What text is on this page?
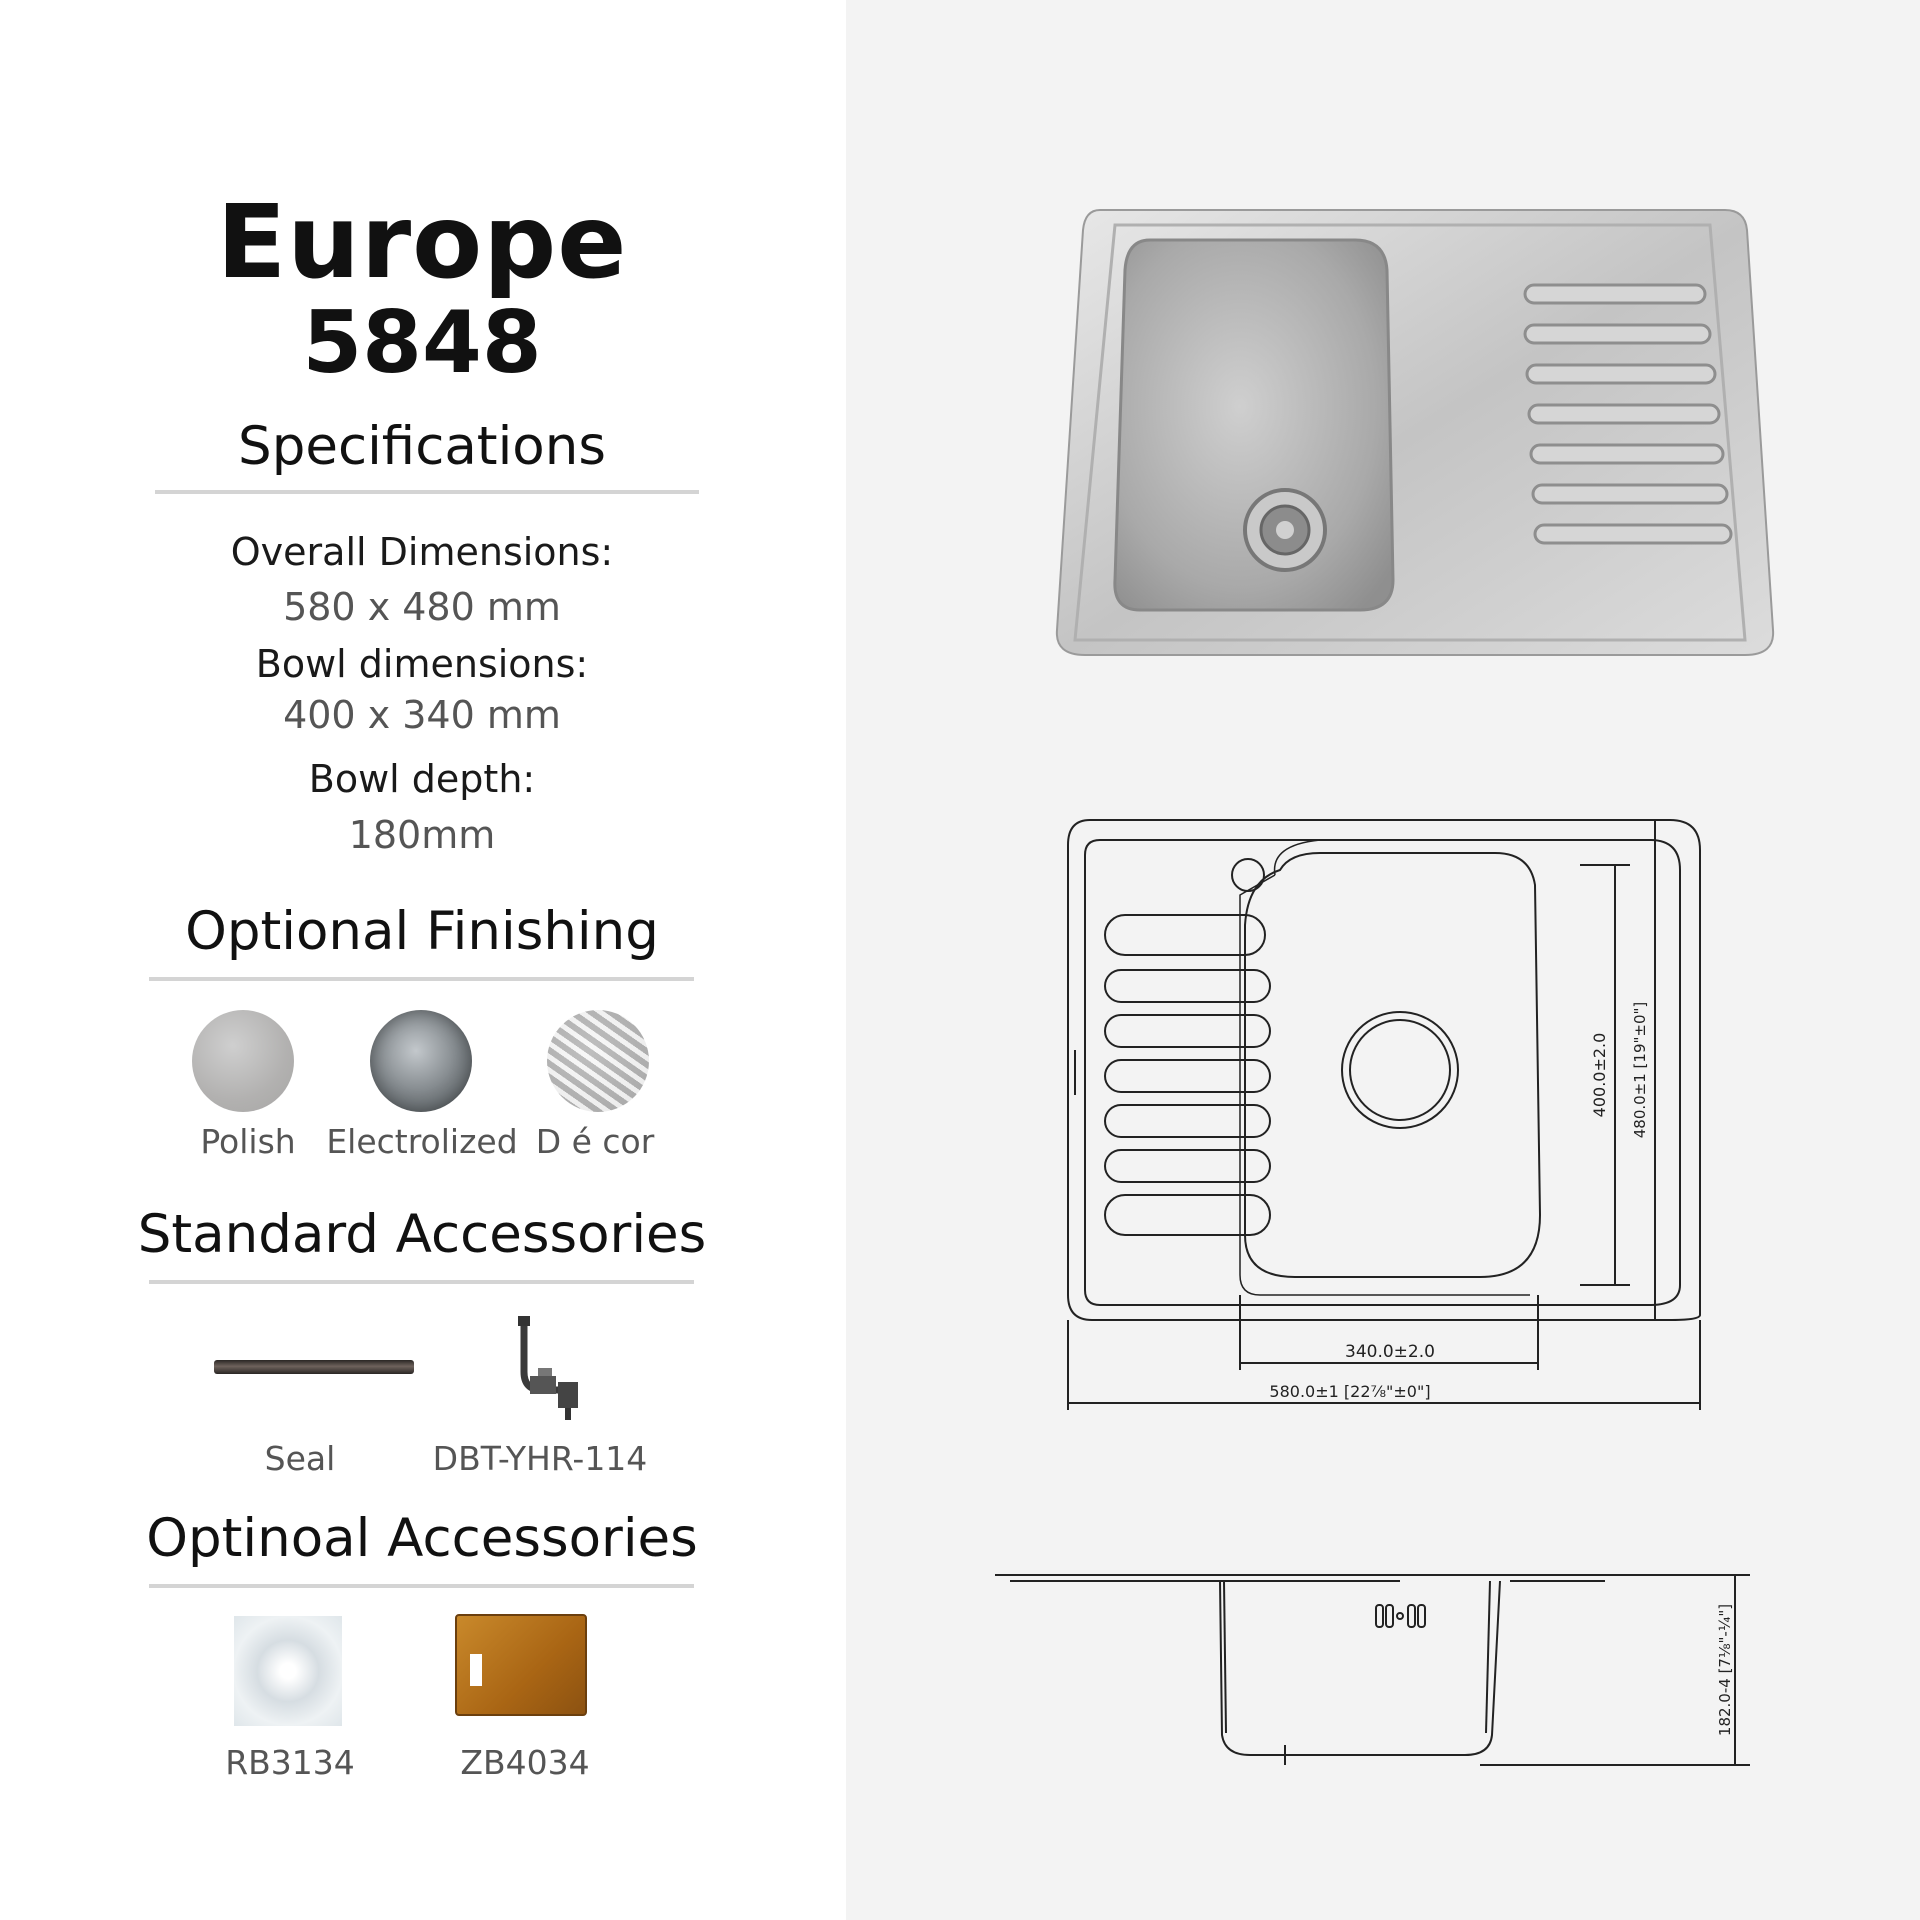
Europe
5848
Specifications
Overall Dimensions:
580 x 480 mm
Bowl dimensions:
400 x 340 mm
Bowl depth:
180mm
Optional Finishing
Polish Electrolized D é cor
Standard Accessories
Seal	DBT-YHR-114
Optinoal Accessories
RB3134	ZB4034
340.0±2.0
580.0±1 [22⅞"±0"]
400.0±2.0 480.0±1 [19"±0"]
182.0-4 [7⅛"-¼"]
